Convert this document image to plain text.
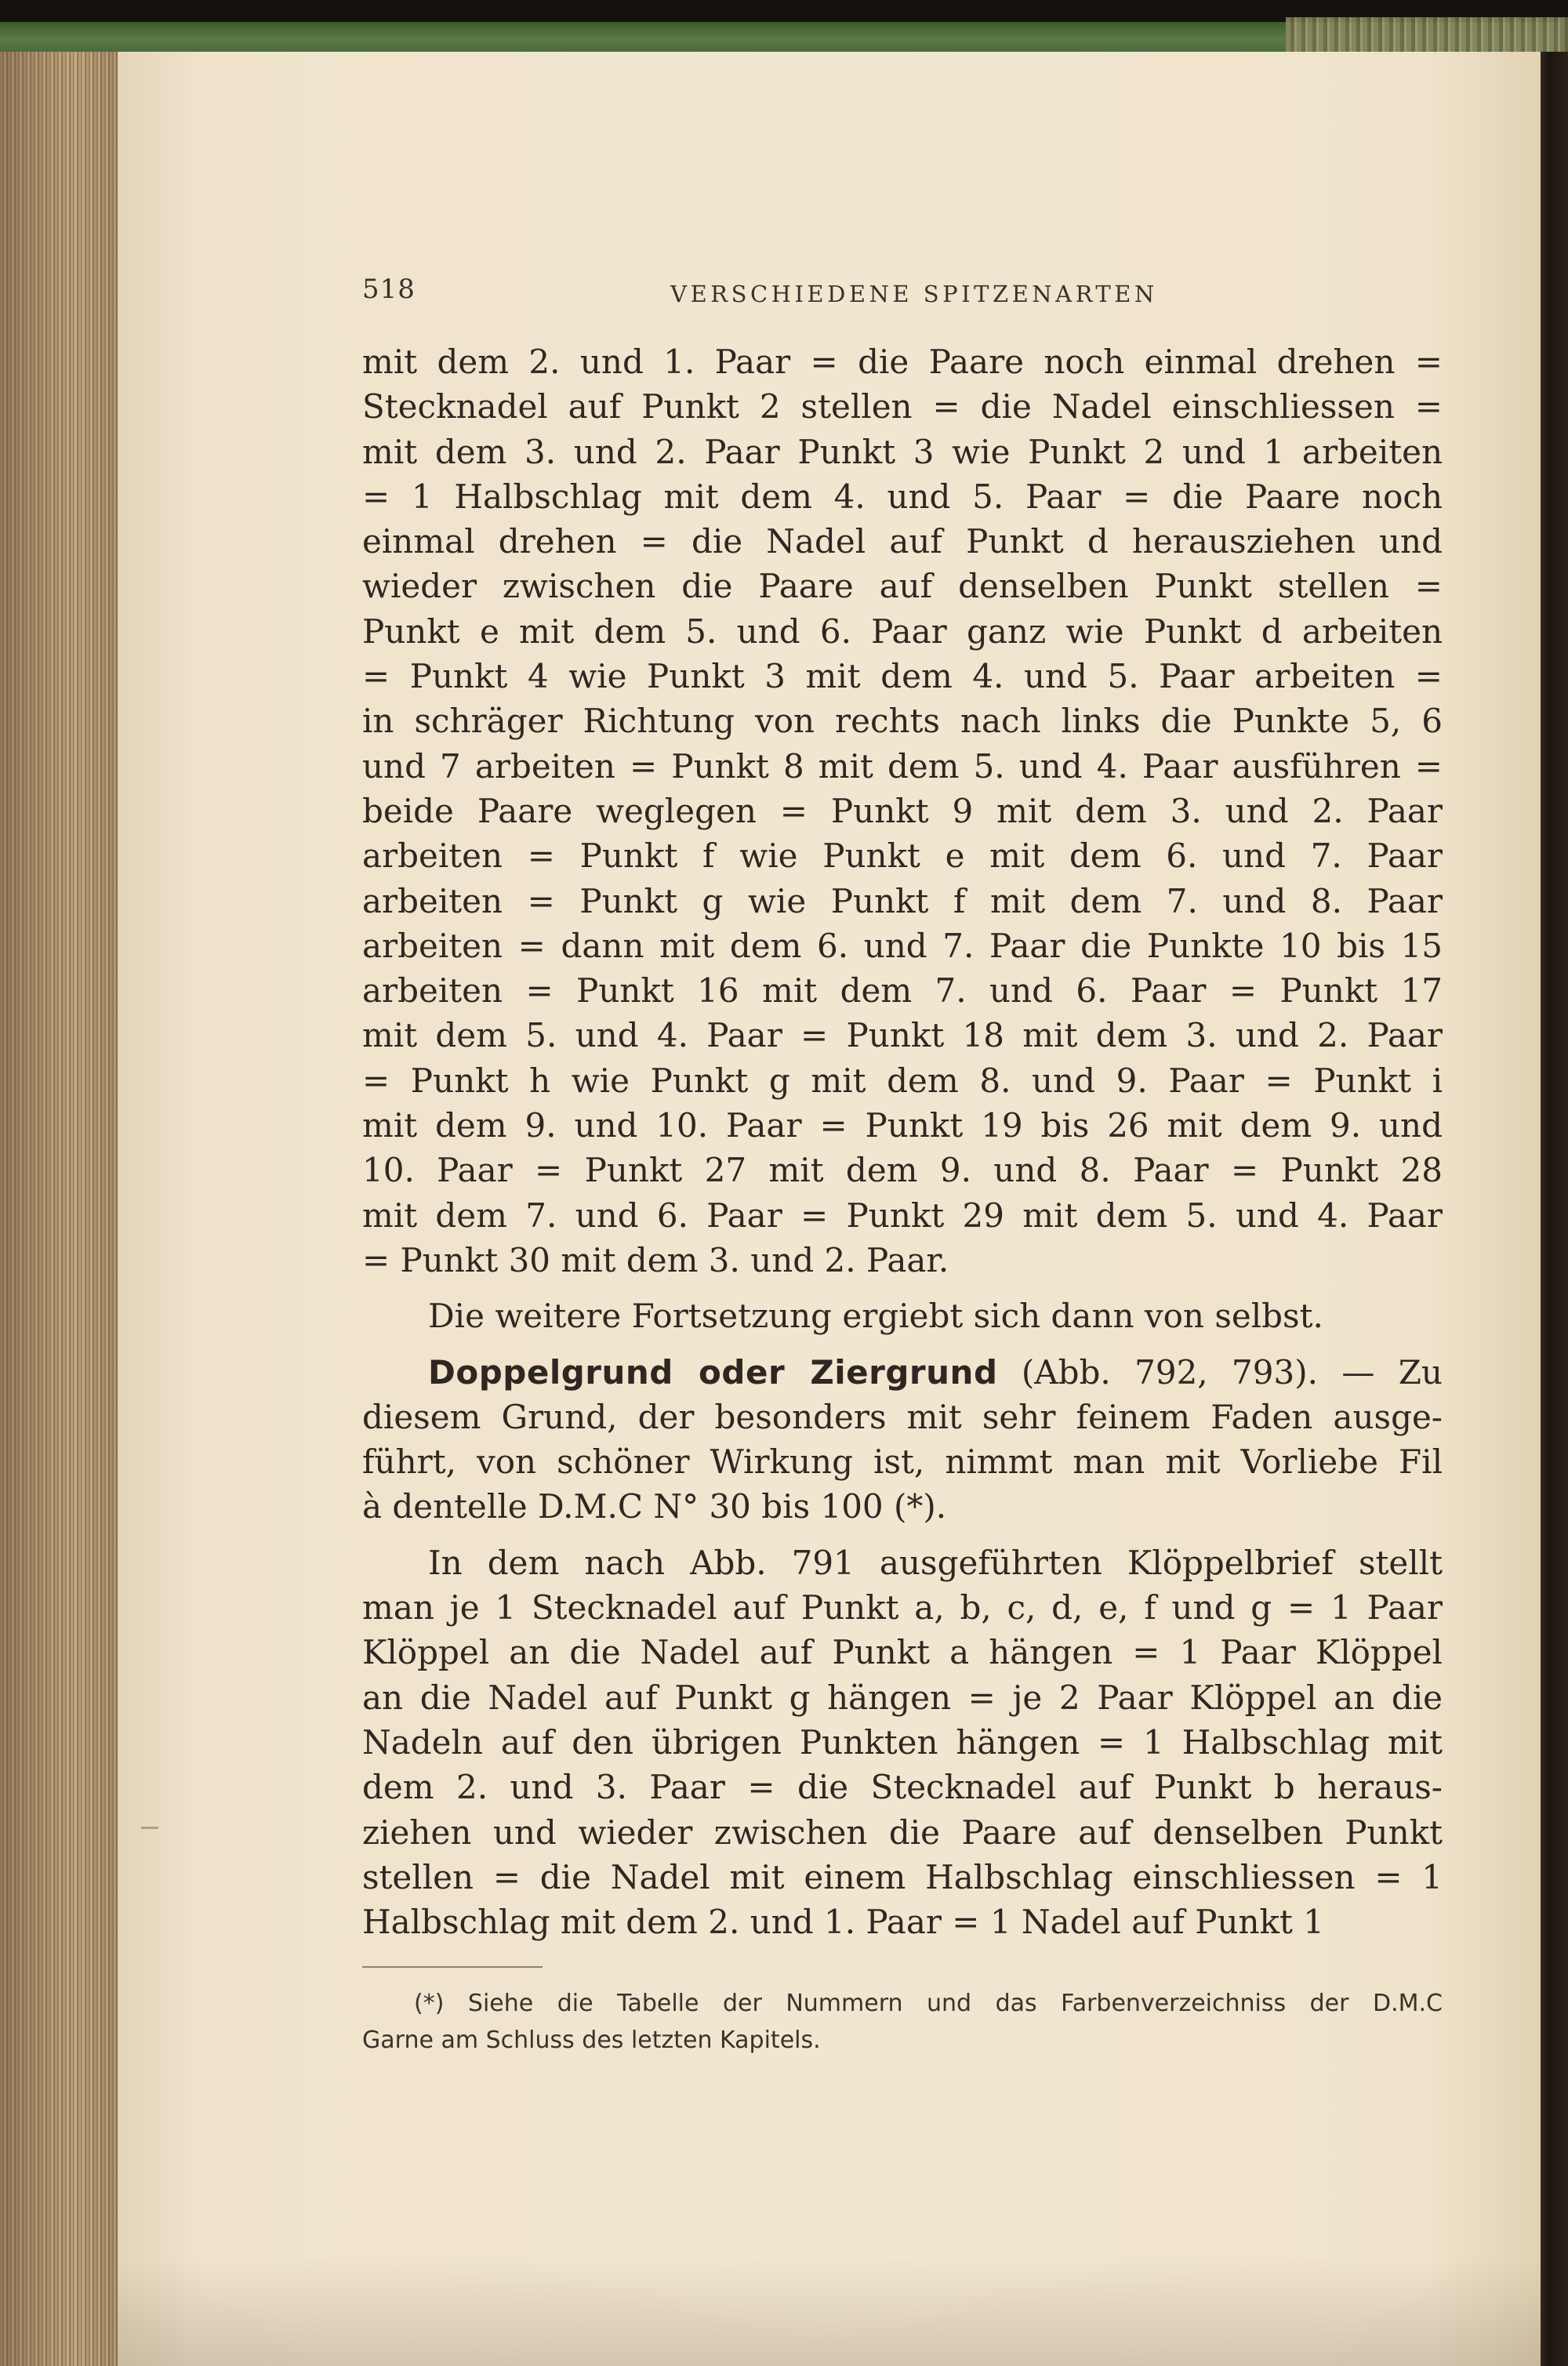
518	VERSCHIEDENE SPITZENARTEN

mit dem 2. und 1. Paar = die Paare noch einmal drehen =
Stecknadel auf Punkt 2 stellen = die Nadel einschliessen =
mit dem 3. und 2. Paar Punkt 3 wie Punkt 2 und 1 arbeiten
= 1 Halbschlag mit dem 4. und 5. Paar = die Paare noch
einmal drehen = die Nadel auf Punkt d herausziehen und
wieder zwischen die Paare auf denselben Punkt stellen =
Punkt e mit dem 5. und 6. Paar ganz wie Punkt d arbeiten
= Punkt 4 wie Punkt 3 mit dem 4. und 5. Paar arbeiten =
in schräger Richtung von rechts nach links die Punkte 5, 6
und 7 arbeiten = Punkt 8 mit dem 5. und 4. Paar ausführen =
beide Paare weglegen = Punkt 9 mit dem 3. und 2. Paar
arbeiten = Punkt f wie Punkt e mit dem 6. und 7. Paar
arbeiten = Punkt g wie Punkt f mit dem 7. und 8. Paar
arbeiten = dann mit dem 6. und 7. Paar die Punkte 10 bis 15
arbeiten = Punkt 16 mit dem 7. und 6. Paar = Punkt 17
mit dem 5. und 4. Paar = Punkt 18 mit dem 3. und 2. Paar
= Punkt h wie Punkt g mit dem 8. und 9. Paar = Punkt i
mit dem 9. und 10. Paar = Punkt 19 bis 26 mit dem 9. und
10. Paar = Punkt 27 mit dem 9. und 8. Paar = Punkt 28
mit dem 7. und 6. Paar = Punkt 29 mit dem 5. und 4. Paar
= Punkt 30 mit dem 3. und 2. Paar.

Die weitere Fortsetzung ergiebt sich dann von selbst.

Doppelgrund oder Ziergrund (Abb. 792, 793). — Zu
diesem Grund, der besonders mit sehr feinem Faden ausge-
führt, von schöner Wirkung ist, nimmt man mit Vorliebe Fil
à dentelle D.M.C N° 30 bis 100 (*).

In dem nach Abb. 791 ausgeführten Klöppelbrief stellt
man je 1 Stecknadel auf Punkt a, b, c, d, e, f und g = 1 Paar
Klöppel an die Nadel auf Punkt a hängen = 1 Paar Klöppel
an die Nadel auf Punkt g hängen = je 2 Paar Klöppel an die
Nadeln auf den übrigen Punkten hängen = 1 Halbschlag mit
dem 2. und 3. Paar = die Stecknadel auf Punkt b heraus-
ziehen und wieder zwischen die Paare auf denselben Punkt
stellen = die Nadel mit einem Halbschlag einschliessen = 1
Halbschlag mit dem 2. und 1. Paar = 1 Nadel auf Punkt 1

(*) Siehe die Tabelle der Nummern und das Farbenverzeichniss der D.M.C
Garne am Schluss des letzten Kapitels.
